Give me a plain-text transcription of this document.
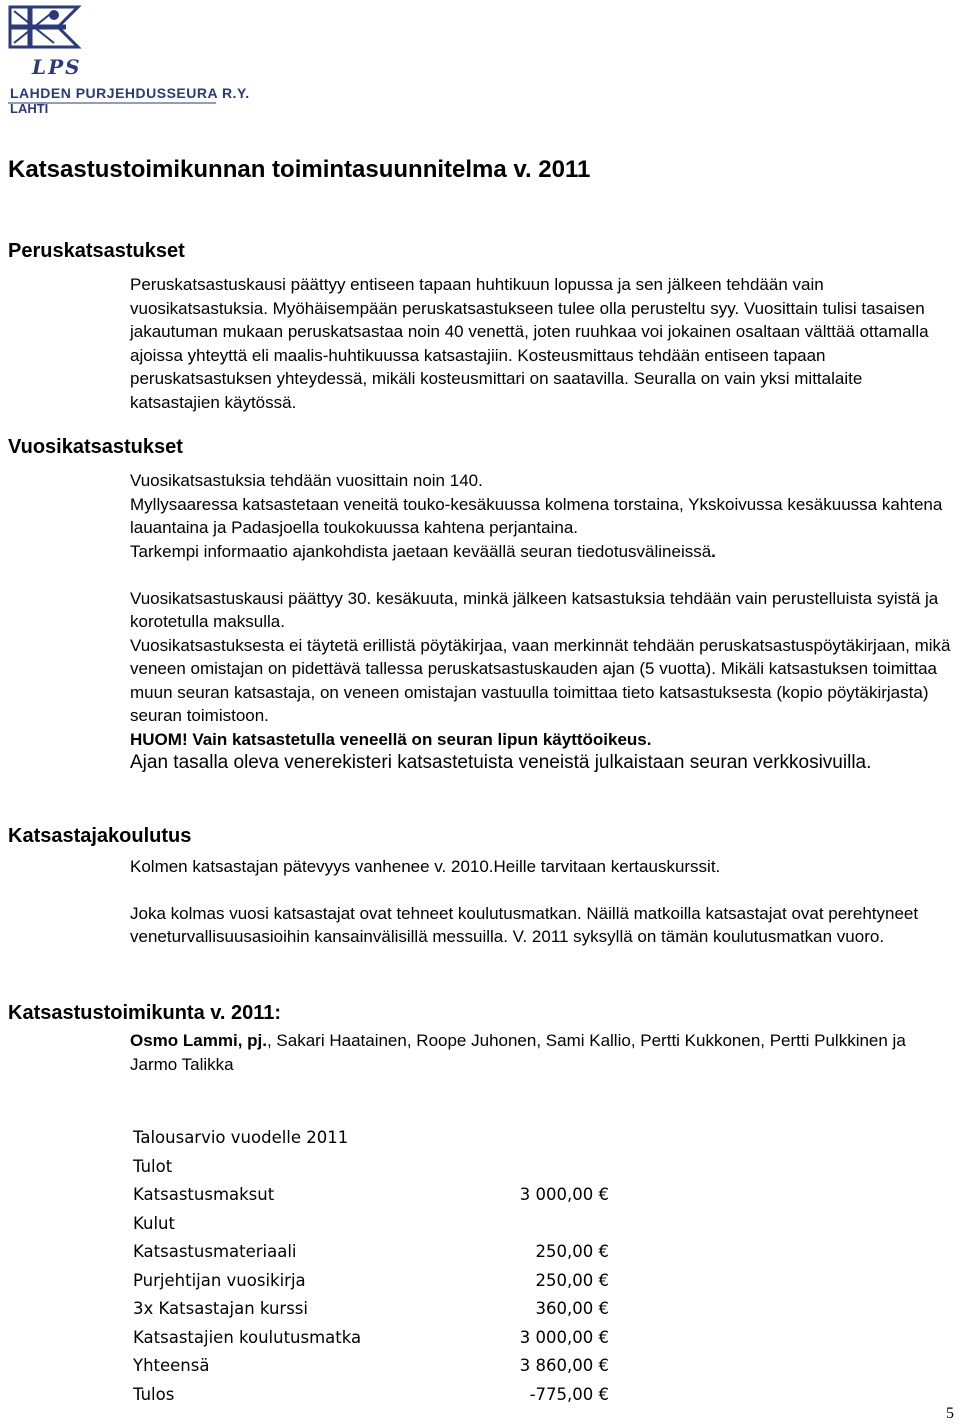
LPS
LAHDEN PURJEHDUSSEURA R.Y.
LAHTI
Katsastustoimikunnan toimintasuunnitelma v. 2011
Peruskatsastukset

Peruskatsastuskausi päättyy entiseen tapaan huhtikuun lopussa ja sen jälkeen tehdään vain vuosikatsastuksia. Myöhäisempään peruskatsastukseen tulee olla perusteltu syy. Vuosittain tulisi tasaisen jakautuman mukaan peruskatsastaa noin 40 venettä, joten ruuhkaa voi jokainen osaltaan välttää ottamalla ajoissa yhteyttä eli maalis-huhtikuussa katsastajiin. Kosteusmittaus tehdään entiseen tapaan peruskatsastuksen yhteydessä, mikäli kosteusmittari on saatavilla. Seuralla on vain yksi mittalaite katsastajien käytössä.

Vuosikatsastukset

Vuosikatsastuksia tehdään vuosittain noin 140.

Myllysaaressa katsastetaan veneitä touko-kesäkuussa kolmena torstaina, Ykskoivussa kesäkuussa kahtena lauantaina ja Padasjoella toukokuussa kahtena perjantaina.

Tarkempi informaatio ajankohdista jaetaan keväällä seuran tiedotusvälineissä.

Vuosikatsastuskausi päättyy 30. kesäkuuta, minkä jälkeen katsastuksia tehdään vain perustelluista syistä ja korotetulla maksulla.

Vuosikatsastuksesta ei täytetä erillistä pöytäkirjaa, vaan merkinnät tehdään peruskatsastuspöytäkirjaan, mikä veneen omistajan on pidettävä tallessa peruskatsastuskauden ajan (5 vuotta). Mikäli katsastuksen toimittaa muun seuran katsastaja, on veneen omistajan vastuulla toimittaa tieto katsastuksesta (kopio pöytäkirjasta) seuran toimistoon.

HUOM! Vain katsastetulla veneellä on seuran lipun käyttöoikeus.

Ajan tasalla oleva venerekisteri katsastetuista veneistä julkaistaan seuran verkkosivuilla.

Katsastajakoulutus

Kolmen katsastajan pätevyys vanhenee v. 2010.Heille tarvitaan kertauskurssit.

Joka kolmas vuosi katsastajat ovat tehneet koulutusmatkan. Näillä matkoilla katsastajat ovat perehtyneet veneturvallisuusasioihin kansainvälisillä messuilla. V. 2011 syksyllä on tämän koulutusmatkan vuoro.

Katsastustoimikunta v. 2011:

Osmo Lammi, pj., Sakari Haatainen, Roope Juhonen, Sami Kallio, Pertti Kukkonen, Pertti Pulkkinen ja Jarmo Talikka

Talousarvio vuodelle 2011
Tulot
Katsastusmaksut	3 000,00 €
Kulut
Katsastusmateriaali	250,00 €
Purjehtijan vuosikirja	250,00 €
3x Katsastajan kurssi	360,00 €
Katsastajien koulutusmatka	3 000,00 €
Yhteensä	3 860,00 €
Tulos	-775,00 €
5
